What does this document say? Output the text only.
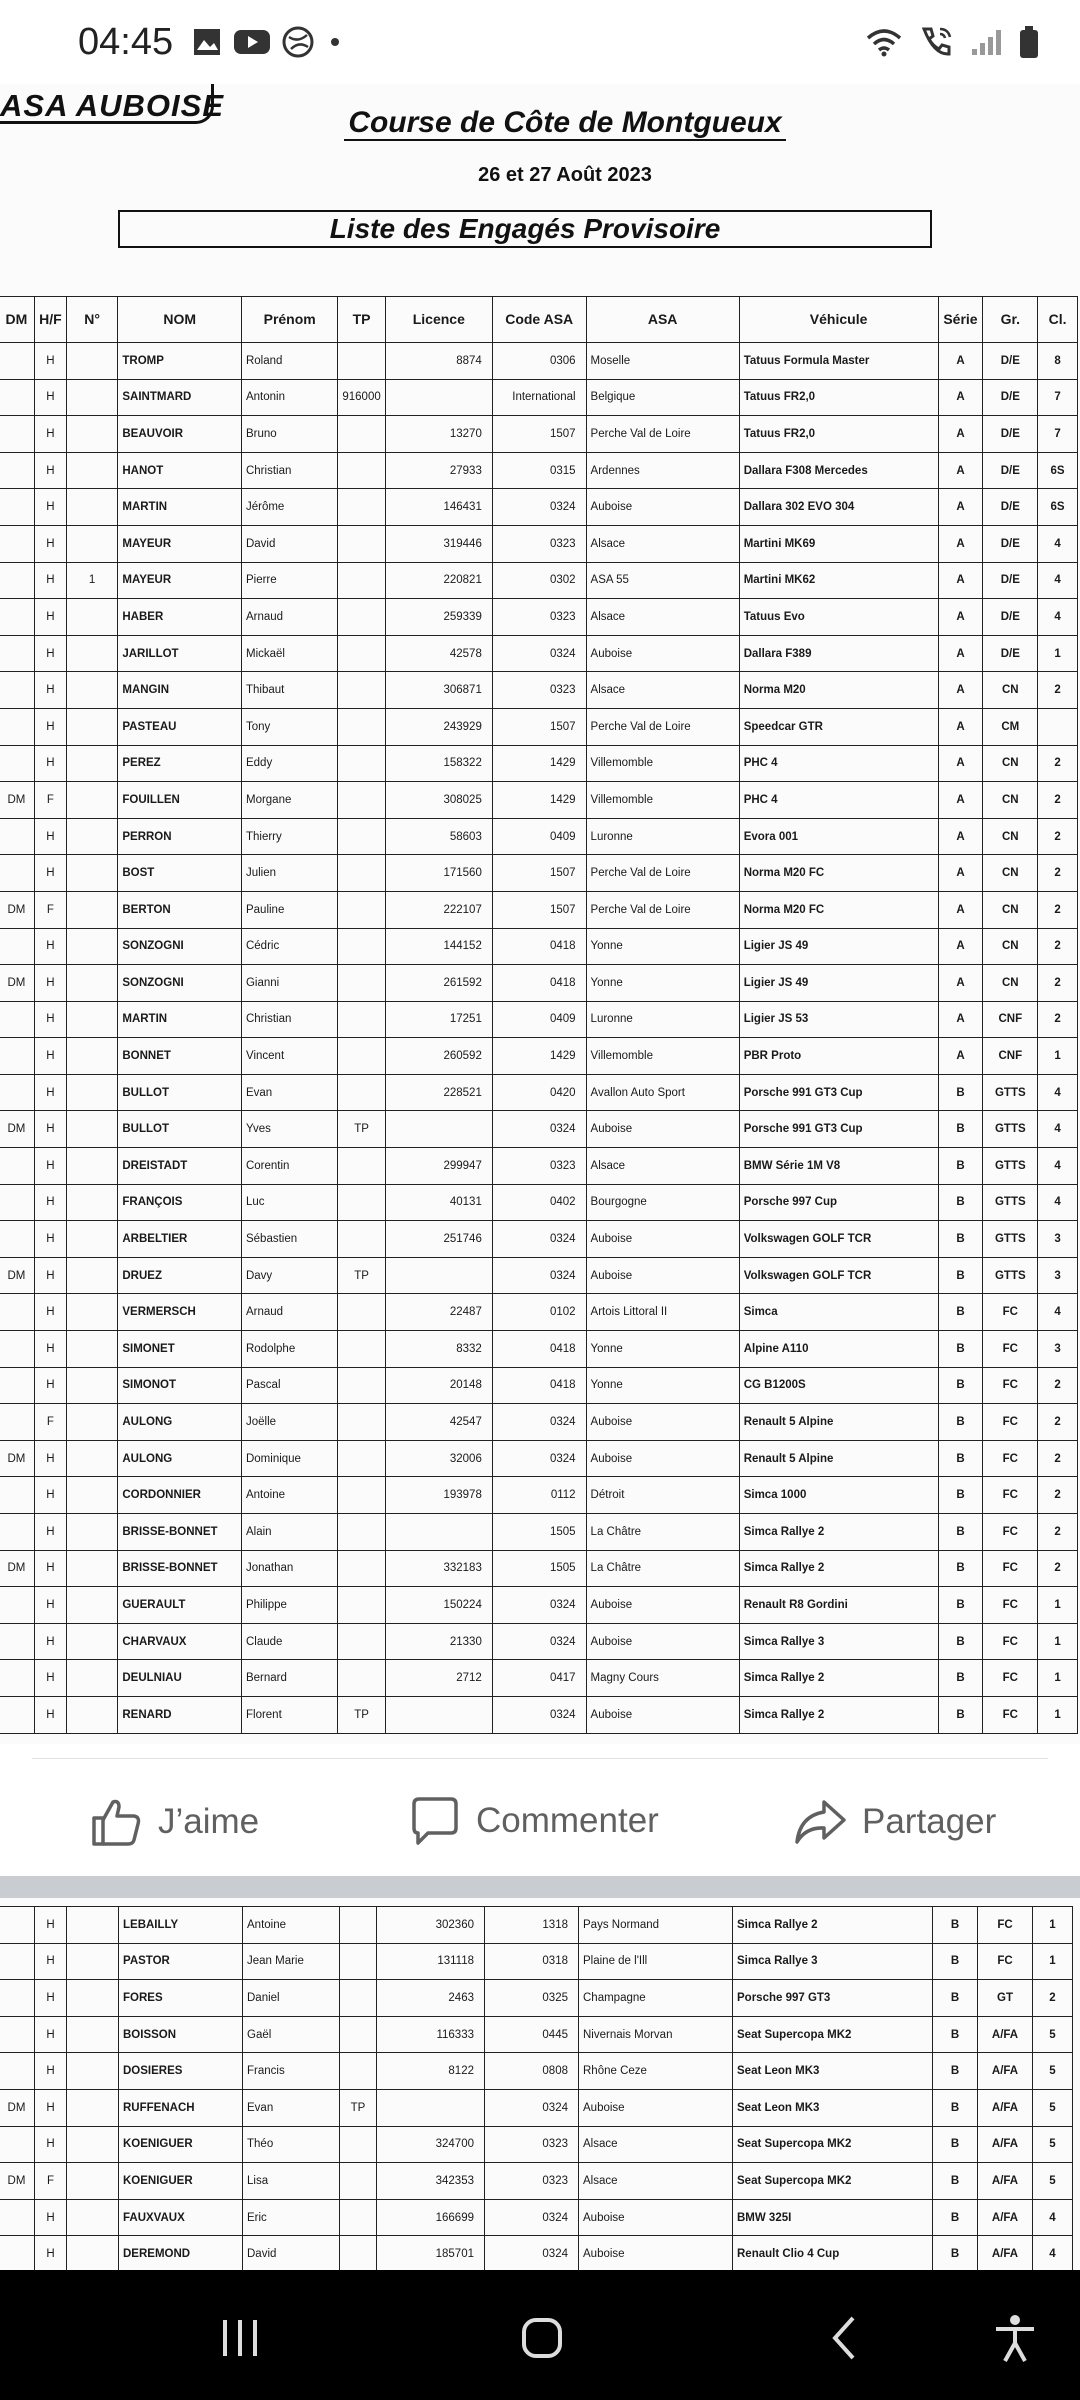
04:45
ASA AUBOISE	Course de Côte de Montgueux
26 et 27 Août 2023
Liste des Engagés Provisoire
DM	H/F	N°	NOM	Prénom	TP	Licence	Code ASA	ASA	Véhicule	Série	Gr.	Cl.
	H		TROMP	Roland		8874	0306	Moselle	Tatuus Formula Master	A	D/E	8
	H		SAINTMARD	Antonin	916000		International	Belgique	Tatuus FR2,0	A	D/E	7
	H		BEAUVOIR	Bruno		13270	1507	Perche Val de Loire	Tatuus FR2,0	A	D/E	7
	H		HANOT	Christian		27933	0315	Ardennes	Dallara F308 Mercedes	A	D/E	6S
	H		MARTIN	Jérôme		146431	0324	Auboise	Dallara 302 EVO 304	A	D/E	6S
	H		MAYEUR	David		319446	0323	Alsace	Martini MK69	A	D/E	4
	H	1	MAYEUR	Pierre		220821	0302	ASA 55	Martini MK62	A	D/E	4
	H		HABER	Arnaud		259339	0323	Alsace	Tatuus Evo	A	D/E	4
	H		JARILLOT	Mickaël		42578	0324	Auboise	Dallara F389	A	D/E	1
	H		MANGIN	Thibaut		306871	0323	Alsace	Norma M20	A	CN	2
	H		PASTEAU	Tony		243929	1507	Perche Val de Loire	Speedcar GTR	A	CM	
	H		PEREZ	Eddy		158322	1429	Villemomble	PHC 4	A	CN	2
DM	F		FOUILLEN	Morgane		308025	1429	Villemomble	PHC 4	A	CN	2
	H		PERRON	Thierry		58603	0409	Luronne	Evora 001	A	CN	2
	H		BOST	Julien		171560	1507	Perche Val de Loire	Norma M20 FC	A	CN	2
DM	F		BERTON	Pauline		222107	1507	Perche Val de Loire	Norma M20 FC	A	CN	2
	H		SONZOGNI	Cédric		144152	0418	Yonne	Ligier JS 49	A	CN	2
DM	H		SONZOGNI	Gianni		261592	0418	Yonne	Ligier JS 49	A	CN	2
	H		MARTIN	Christian		17251	0409	Luronne	Ligier JS 53	A	CNF	2
	H		BONNET	Vincent		260592	1429	Villemomble	PBR Proto	A	CNF	1
	H		BULLOT	Evan		228521	0420	Avallon Auto Sport	Porsche 991 GT3 Cup	B	GTTS	4
DM	H		BULLOT	Yves	TP		0324	Auboise	Porsche 991 GT3 Cup	B	GTTS	4
	H		DREISTADT	Corentin		299947	0323	Alsace	BMW Série 1M V8	B	GTTS	4
	H		FRANÇOIS	Luc		40131	0402	Bourgogne	Porsche 997 Cup	B	GTTS	4
	H		ARBELTIER	Sébastien		251746	0324	Auboise	Volkswagen GOLF TCR	B	GTTS	3
DM	H		DRUEZ	Davy	TP		0324	Auboise	Volkswagen GOLF TCR	B	GTTS	3
	H		VERMERSCH	Arnaud		22487	0102	Artois Littoral II	Simca	B	FC	4
	H		SIMONET	Rodolphe		8332	0418	Yonne	Alpine A110	B	FC	3
	H		SIMONOT	Pascal		20148	0418	Yonne	CG B1200S	B	FC	2
	F		AULONG	Joëlle		42547	0324	Auboise	Renault 5 Alpine	B	FC	2
DM	H		AULONG	Dominique		32006	0324	Auboise	Renault 5 Alpine	B	FC	2
	H		CORDONNIER	Antoine		193978	0112	Détroit	Simca 1000	B	FC	2
	H		BRISSE-BONNET	Alain			1505	La Châtre	Simca Rallye 2	B	FC	2
DM	H		BRISSE-BONNET	Jonathan		332183	1505	La Châtre	Simca Rallye 2	B	FC	2
	H		GUERAULT	Philippe		150224	0324	Auboise	Renault R8 Gordini	B	FC	1
	H		CHARVAUX	Claude		21330	0324	Auboise	Simca Rallye 3	B	FC	1
	H		DEULNIAU	Bernard		2712	0417	Magny Cours	Simca Rallye 2	B	FC	1
	H		RENARD	Florent	TP		0324	Auboise	Simca Rallye 2	B	FC	1
J’aime	Commenter	Partager
	H		LEBAILLY	Antoine		302360	1318	Pays Normand	Simca Rallye 2	B	FC	1
	H		PASTOR	Jean Marie		131118	0318	Plaine de l'Ill	Simca Rallye 3	B	FC	1
	H		FORES	Daniel		2463	0325	Champagne	Porsche 997 GT3	B	GT	2
	H		BOISSON	Gaël		116333	0445	Nivernais Morvan	Seat Supercopa MK2	B	A/FA	5
	H		DOSIERES	Francis		8122	0808	Rhône Ceze	Seat Leon MK3	B	A/FA	5
DM	H		RUFFENACH	Evan	TP		0324	Auboise	Seat Leon MK3	B	A/FA	5
	H		KOENIGUER	Théo		324700	0323	Alsace	Seat Supercopa MK2	B	A/FA	5
DM	F		KOENIGUER	Lisa		342353	0323	Alsace	Seat Supercopa MK2	B	A/FA	5
	H		FAUXVAUX	Eric		166699	0324	Auboise	BMW 325I	B	A/FA	4
	H		DEREMOND	David		185701	0324	Auboise	Renault Clio 4 Cup	B	A/FA	4
